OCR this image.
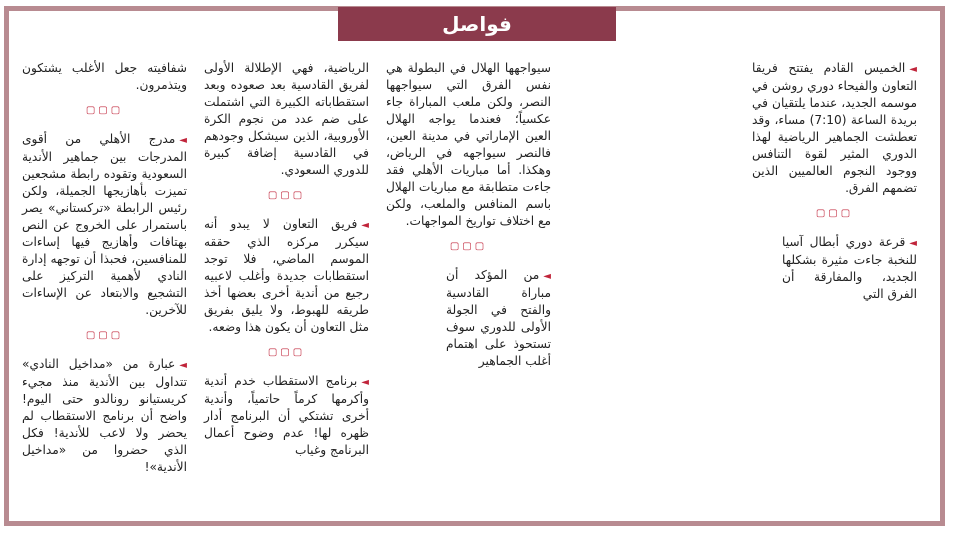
فواصل

◄الخميس القادم يفتتح فريقا التعاون والفيحاء دوري روشن في موسمه الجديد، عندما يلتقيان في بريدة الساعة (7:10) مساء، وقد تعطشت الجماهير الرياضية لهذا الدوري المثير لقوة التنافس ووجود النجوم العالميين الذين تضمهم الفرق.

▢▢▢

◄قرعة دوري أبطال آسيا للنخبة جاءت مثيرة بشكلها الجديد، والمفارقة أن الفرق التي

سيواجهها الهلال في البطولة هي نفس الفرق التي سيواجهها النصر، ولكن ملعب المباراة جاء عكسياً؛ فعندما يواجه الهلال العين الإماراتي في مدينة العين، فالنصر سيواجهه في الرياض، وهكذا. أما مباريات الأهلي فقد جاءت متطابقة مع مباريات الهلال باسم المنافس والملعب، ولكن مع اختلاف تواريخ المواجهات.

▢▢▢

◄من المؤكد أن مباراة القادسية والفتح في الجولة الأولى للدوري سوف تستحوذ على اهتمام أغلب الجماهير

الرياضية، فهي الإطلالة الأولى لفريق القادسية بعد صعوده وبعد استقطاباته الكبيرة التي اشتملت على ضم عدد من نجوم الكرة الأوروبية، الذين سيشكل وجودهم في القادسية إضافة كبيرة للدوري السعودي.

▢▢▢

◄فريق التعاون لا يبدو أنه سيكرر مركزه الذي حققه الموسم الماضي، فلا توجد استقطابات جديدة وأغلب لاعبيه رجيع من أندية أخرى بعضها أخذ طريقه للهبوط، ولا يليق بفريق مثل التعاون أن يكون هذا وضعه.

▢▢▢

◄برنامج الاستقطاب خدم أندية وأكرمها كرماً حاتمياً، وأندية أخرى تشتكي أن البرنامج أدار ظهره لها! عدم وضوح أعمال البرنامج وغياب

شفافيته جعل الأغلب يشتكون ويتذمرون.

▢▢▢

◄مدرج الأهلي من أقوى المدرجات بين جماهير الأندية السعودية وتقوده رابطة مشجعين تميزت بأهازيجها الجميلة، ولكن رئيس الرابطة «تركستاني» يصر باستمرار على الخروج عن النص بهتافات وأهازيج فيها إساءات للمنافسين، فحبذا أن توجهه إدارة النادي لأهمية التركيز على التشجيع والابتعاد عن الإساءات للآخرين.

▢▢▢

◄عبارة من «مداخيل النادي» تتداول بين الأندية منذ مجيء كريستيانو رونالدو حتى اليوم! واضح أن برنامج الاستقطاب لم يحضر ولا لاعب للأندية! فكل الذي حضروا من «مداخيل الأندية»!
